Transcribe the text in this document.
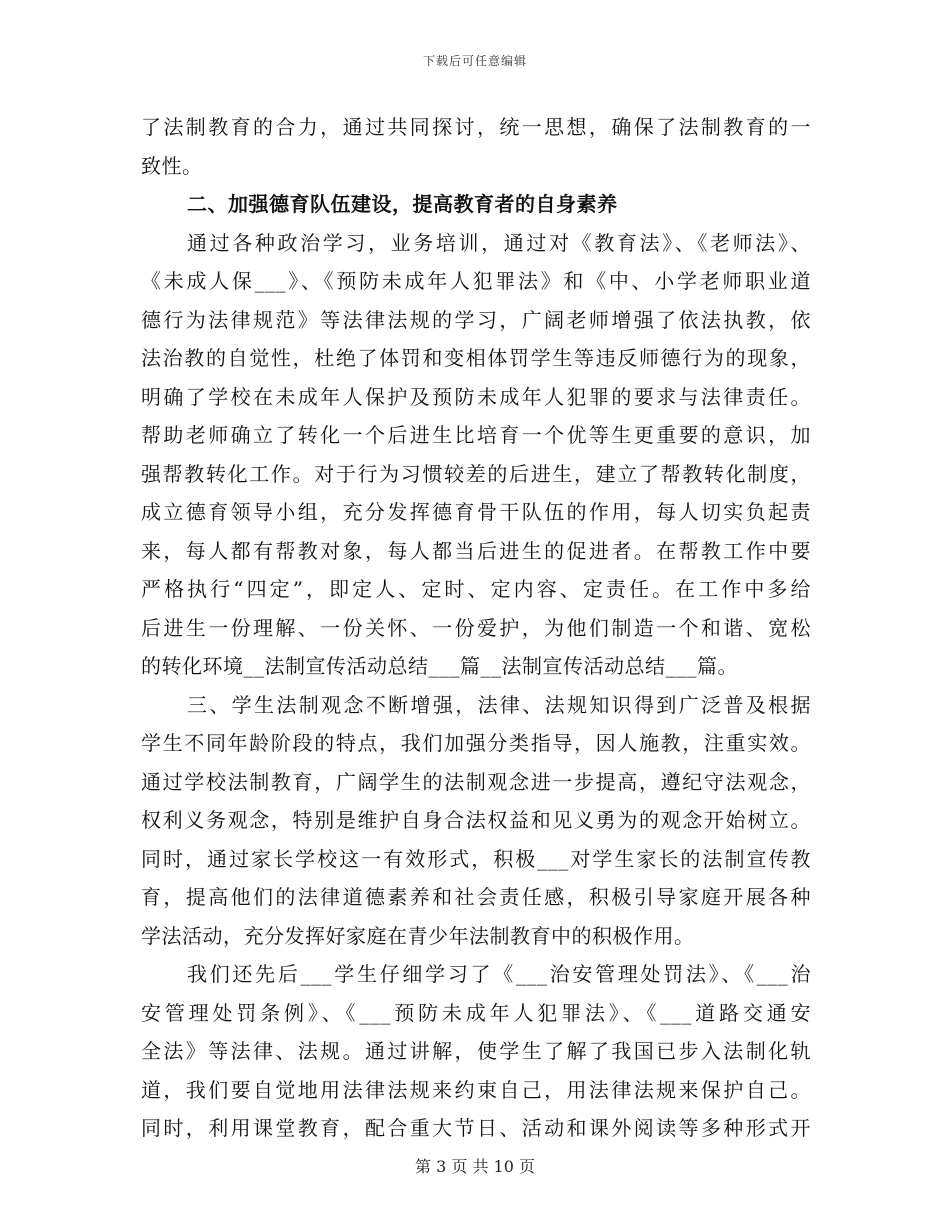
下载后可任意编辑
了法制教育的合力，通过共同探讨，统一思想，确保了法制教育的一
致性。
二、加强德育队伍建设，提高教育者的自身素养
通过各种政治学习，业务培训，通过对《教育法》、《老师法》、
《未成人保___》、《预防未成年人犯罪法》和《中、小学老师职业道
德行为法律规范》等法律法规的学习，广阔老师增强了依法执教，依
法治教的自觉性，杜绝了体罚和变相体罚学生等违反师德行为的现象，
明确了学校在未成年人保护及预防未成年人犯罪的要求与法律责任。
帮助老师确立了转化一个后进生比培育一个优等生更重要的意识，加
强帮教转化工作。对于行为习惯较差的后进生，建立了帮教转化制度，
成立德育领导小组，充分发挥德育骨干队伍的作用，每人切实负起责
来，每人都有帮教对象，每人都当后进生的促进者。在帮教工作中要
严格执行“四定”，即定人、定时、定内容、定责任。在工作中多给
后进生一份理解、一份关怀、一份爱护，为他们制造一个和谐、宽松
的转化环境__法制宣传活动总结___篇__法制宣传活动总结___篇。
三、学生法制观念不断增强，法律、法规知识得到广泛普及根据
学生不同年龄阶段的特点，我们加强分类指导，因人施教，注重实效。
通过学校法制教育，广阔学生的法制观念进一步提高，遵纪守法观念，
权利义务观念，特别是维护自身合法权益和见义勇为的观念开始树立。
同时，通过家长学校这一有效形式，积极___对学生家长的法制宣传教
育，提高他们的法律道德素养和社会责任感，积极引导家庭开展各种
学法活动，充分发挥好家庭在青少年法制教育中的积极作用。
我们还先后___学生仔细学习了《___治安管理处罚法》、《___治
安管理处罚条例》、《___预防未成年人犯罪法》、《___道路交通安
全法》等法律、法规。通过讲解，使学生了解了我国已步入法制化轨
道，我们要自觉地用法律法规来约束自己，用法律法规来保护自己。
同时，利用课堂教育，配合重大节日、活动和课外阅读等多种形式开
第 3 页 共 10 页
